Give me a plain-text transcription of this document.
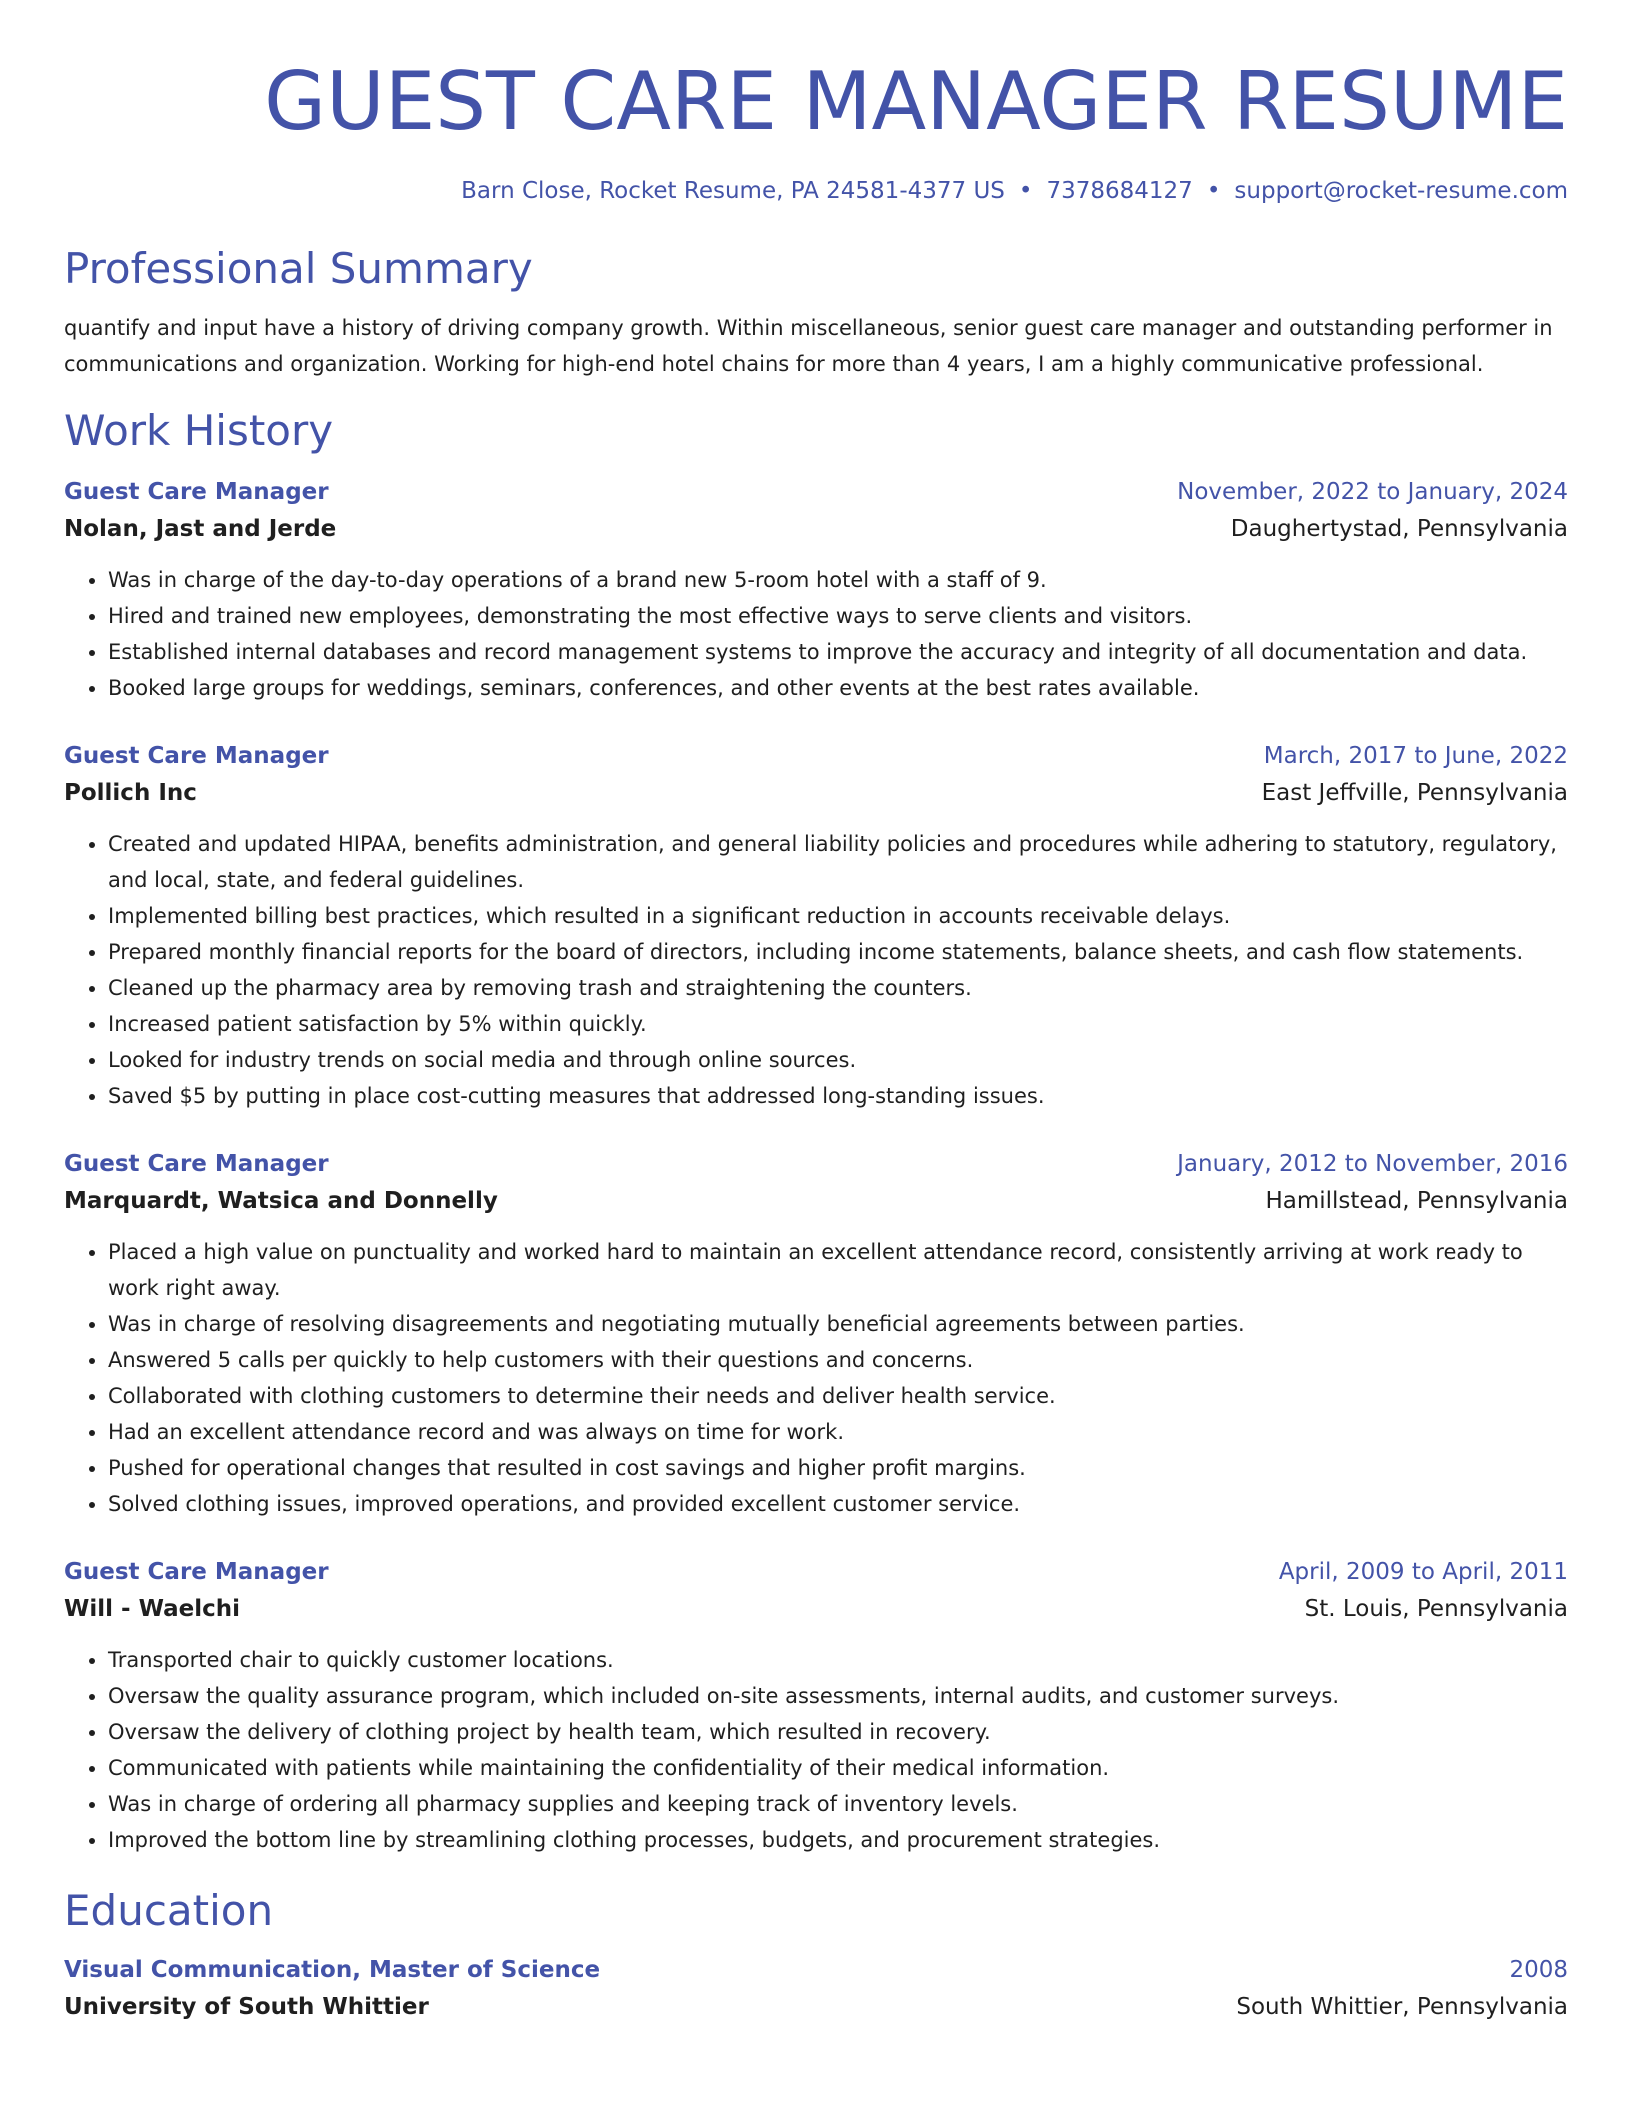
GUEST CARE MANAGER RESUME
Barn Close, Rocket Resume, PA 24581-4377 US • 7378684127 • support@rocket-resume.com
Professional Summary

quantify and input have a history of driving company growth. Within miscellaneous, senior guest care manager and outstanding performer in communications and organization. Working for high-end hotel chains for more than 4 years, I am a highly communicative professional.

Work History
Guest Care Manager	November, 2022 to January, 2024
Nolan, Jast and Jerde	Daughertystad, Pennsylvania
• Was in charge of the day-to-day operations of a brand new 5-room hotel with a staff of 9.
• Hired and trained new employees, demonstrating the most effective ways to serve clients and visitors.
• Established internal databases and record management systems to improve the accuracy and integrity of all documentation and data.
• Booked large groups for weddings, seminars, conferences, and other events at the best rates available.
Guest Care Manager	March, 2017 to June, 2022
Pollich Inc	East Jeffville, Pennsylvania
• Created and updated HIPAA, benefits administration, and general liability policies and procedures while adhering to statutory, regulatory, and local, state, and federal guidelines.
• Implemented billing best practices, which resulted in a significant reduction in accounts receivable delays.
• Prepared monthly financial reports for the board of directors, including income statements, balance sheets, and cash flow statements.
• Cleaned up the pharmacy area by removing trash and straightening the counters.
• Increased patient satisfaction by 5% within quickly.
• Looked for industry trends on social media and through online sources.
• Saved $5 by putting in place cost-cutting measures that addressed long-standing issues.
Guest Care Manager	January, 2012 to November, 2016
Marquardt, Watsica and Donnelly	Hamillstead, Pennsylvania
• Placed a high value on punctuality and worked hard to maintain an excellent attendance record, consistently arriving at work ready to work right away.
• Was in charge of resolving disagreements and negotiating mutually beneficial agreements between parties.
• Answered 5 calls per quickly to help customers with their questions and concerns.
• Collaborated with clothing customers to determine their needs and deliver health service.
• Had an excellent attendance record and was always on time for work.
• Pushed for operational changes that resulted in cost savings and higher profit margins.
• Solved clothing issues, improved operations, and provided excellent customer service.
Guest Care Manager	April, 2009 to April, 2011
Will - Waelchi	St. Louis, Pennsylvania
• Transported chair to quickly customer locations.
• Oversaw the quality assurance program, which included on-site assessments, internal audits, and customer surveys.
• Oversaw the delivery of clothing project by health team, which resulted in recovery.
• Communicated with patients while maintaining the confidentiality of their medical information.
• Was in charge of ordering all pharmacy supplies and keeping track of inventory levels.
• Improved the bottom line by streamlining clothing processes, budgets, and procurement strategies.
Education
Visual Communication, Master of Science	2008
University of South Whittier	South Whittier, Pennsylvania
